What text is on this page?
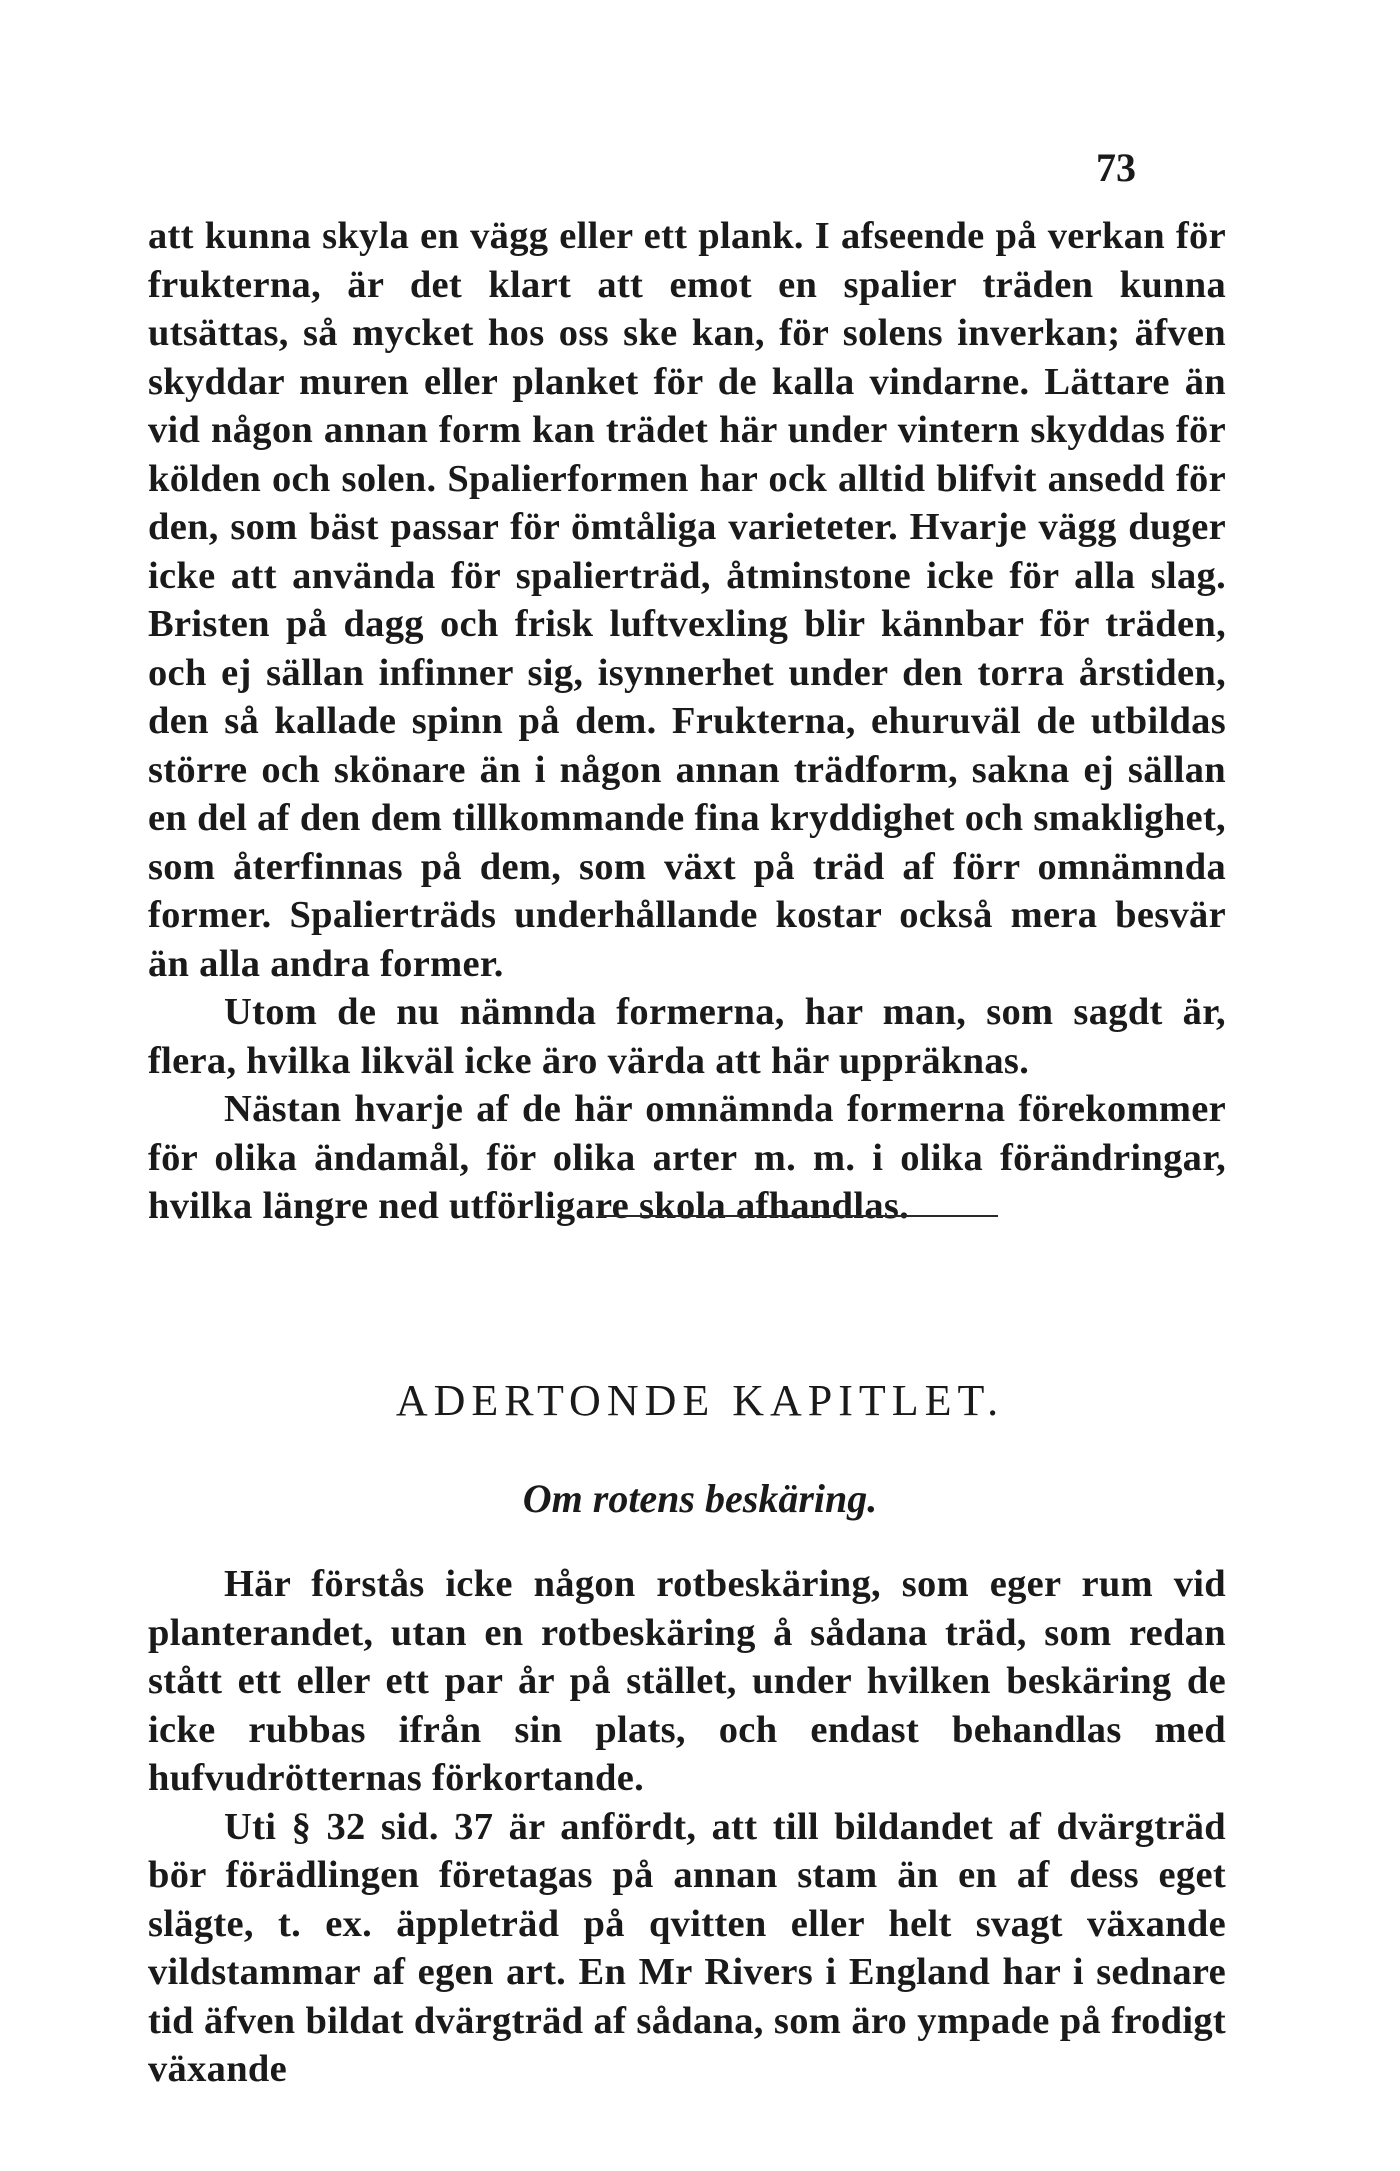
73

att kunna skyla en vägg eller ett plank. I afseende på verkan för frukterna, är det klart att emot en spalier träden kunna utsättas, så mycket hos oss ske kan, för solens inverkan; äfven skyddar muren eller planket för de kalla vindarne. Lättare än vid någon annan form kan trädet här under vintern skyddas för kölden och solen. Spalierformen har ock alltid blifvit ansedd för den, som bäst passar för ömtåliga varieteter. Hvarje vägg duger icke att använda för spalierträd, åtminstone icke för alla slag. Bristen på dagg och frisk luftvexling blir kännbar för träden, och ej sällan infinner sig, isynnerhet under den torra årstiden, den så kallade spinn på dem. Frukterna, ehuruväl de utbildas större och skönare än i någon annan trädform, sakna ej sällan en del af den dem tillkommande fina kryddighet och smaklighet, som återfinnas på dem, som växt på träd af förr omnämnda former. Spalierträds underhållande kostar också mera besvär än alla andra former.

Utom de nu nämnda formerna, har man, som sagdt är, flera, hvilka likväl icke äro värda att här uppräknas.

Nästan hvarje af de här omnämnda formerna förekommer för olika ändamål, för olika arter m. m. i olika förändringar, hvilka längre ned utförligare skola afhandlas.

ADERTONDE KAPITLET.
Om rotens beskäring.

Här förstås icke någon rotbeskäring, som eger rum vid planterandet, utan en rotbeskäring å sådana träd, som redan stått ett eller ett par år på stället, under hvilken beskäring de icke rubbas ifrån sin plats, och endast behandlas med hufvudrötternas förkortande.

Uti § 32 sid. 37 är anfördt, att till bildandet af dvärgträd bör förädlingen företagas på annan stam än en af dess eget slägte, t. ex. äppleträd på qvitten eller helt svagt växande vildstammar af egen art. En Mr Rivers i England har i sednare tid äfven bildat dvärgträd af sådana, som äro ympade på frodigt växande
